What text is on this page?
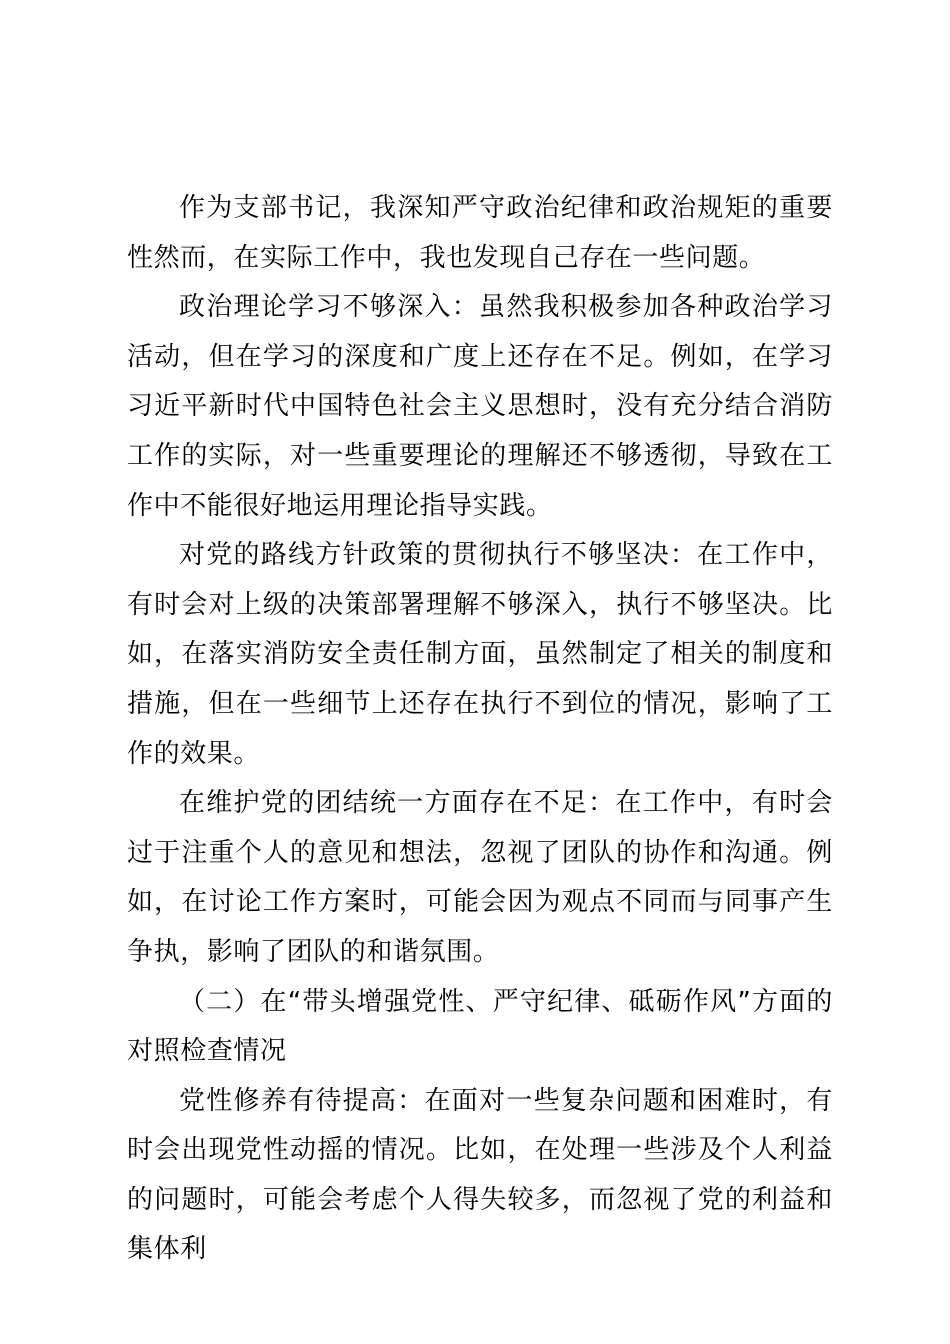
作为支部书记，我深知严守政治纪律和政治规矩的重要性然而，在实际工作中，我也发现自己存在一些问题。

政治理论学习不够深入：虽然我积极参加各种政治学习活动，但在学习的深度和广度上还存在不足。例如，在学习习近平新时代中国特色社会主义思想时，没有充分结合消防工作的实际，对一些重要理论的理解还不够透彻，导致在工作中不能很好地运用理论指导实践。

对党的路线方针政策的贯彻执行不够坚决：在工作中，有时会对上级的决策部署理解不够深入，执行不够坚决。比如，在落实消防安全责任制方面，虽然制定了相关的制度和措施，但在一些细节上还存在执行不到位的情况，影响了工作的效果。

在维护党的团结统一方面存在不足：在工作中，有时会过于注重个人的意见和想法，忽视了团队的协作和沟通。例如，在讨论工作方案时，可能会因为观点不同而与同事产生争执，影响了团队的和谐氛围。

（二）在“带头增强党性、严守纪律、砥砺作风”方面的对照检查情况

党性修养有待提高：在面对一些复杂问题和困难时，有时会出现党性动摇的情况。比如，在处理一些涉及个人利益的问题时，可能会考虑个人得失较多，而忽视了党的利益和集体利
